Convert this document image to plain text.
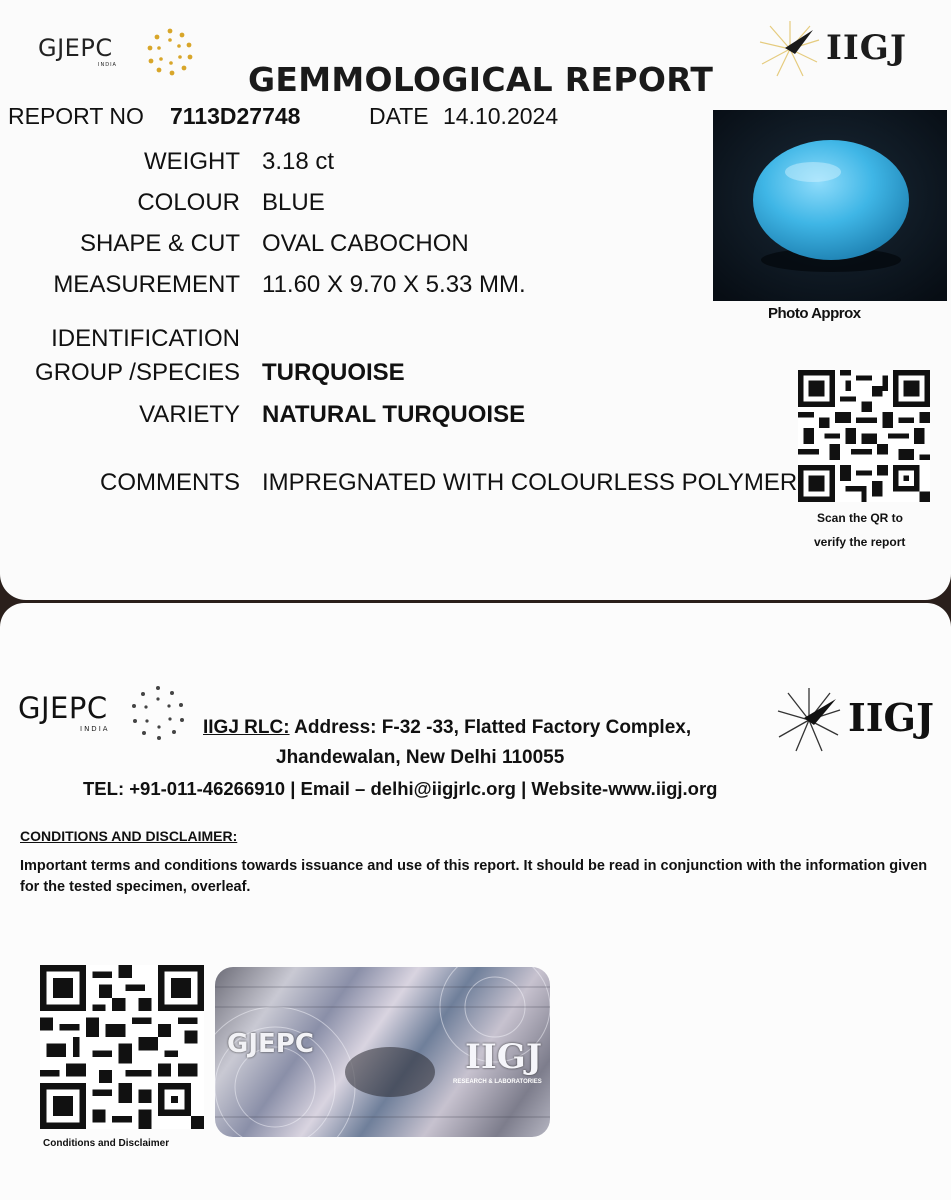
GJEPC
INDIA	IIGJ
GEMMOLOGICAL REPORT
REPORT NO 7113D27748	DATE 14.10.2024
WEIGHT 3.18 ct
COLOUR BLUE
SHAPE & CUT OVAL CABOCHON
MEASUREMENT 11.60 X 9.70 X 5.33 MM.
IDENTIFICATION
GROUP /SPECIES TURQUOISE
VARIETY NATURAL TURQUOISE
COMMENTS IMPREGNATED WITH COLOURLESS POLYMER
Photo Approx
Scan the QR to
verify the report
GJEPC
INDIA	IIGJ
IIGJ RLC: Address: F-32 -33, Flatted Factory Complex,
Jhandewalan, New Delhi 110055
TEL: +91-011-46266910 | Email – delhi@iigjrlc.org | Website-www.iigj.org
CONDITIONS AND DISCLAIMER:
Important terms and conditions towards issuance and use of this report. It should be read in conjunction with the information given for the tested specimen, overleaf.
Conditions and Disclaimer
GJEPC	IIGJ
RESEARCH & LABORATORIES
